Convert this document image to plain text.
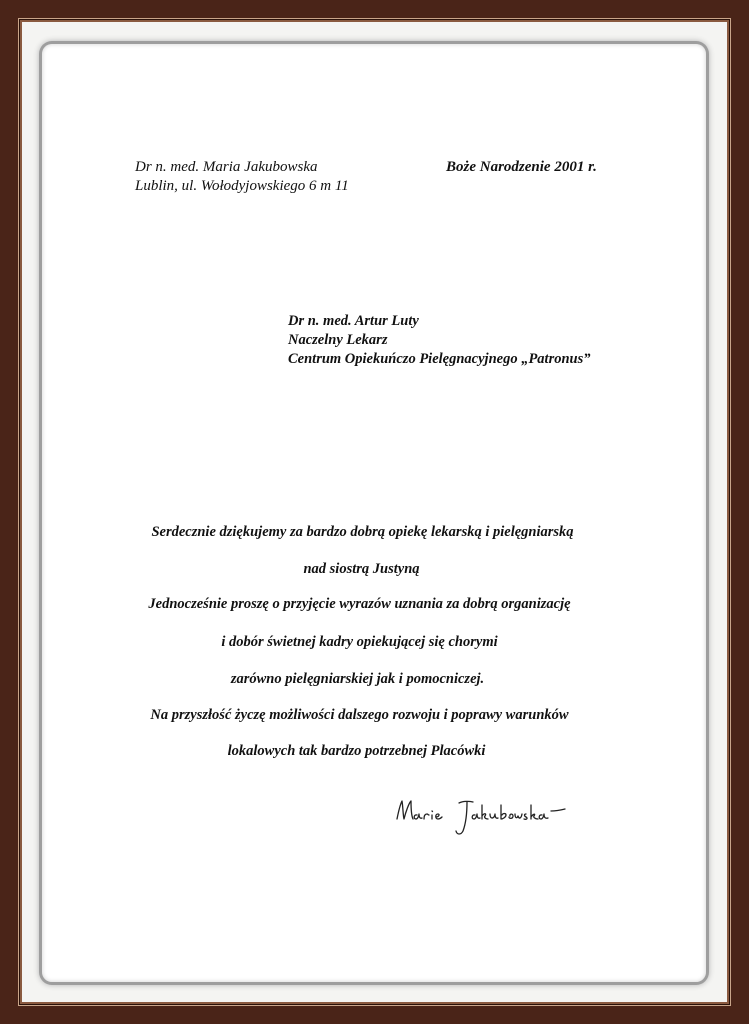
Dr n. med. Maria Jakubowska
Lublin, ul. Wołodyjowskiego 6 m 11
Boże Narodzenie 2001 r.
Dr n. med. Artur Luty
Naczelny Lekarz
Centrum Opiekuńczo Pielęgnacyjnego „Patronus”
Serdecznie dziękujemy za bardzo dobrą opiekę lekarską i pielęgniarską
nad siostrą Justyną
Jednocześnie proszę o przyjęcie wyrazów uznania za dobrą organizację
i dobór świetnej kadry opiekującej się chorymi
zarówno pielęgniarskiej jak i pomocniczej.
Na przyszłość życzę możliwości dalszego rozwoju i poprawy warunków
lokalowych tak bardzo potrzebnej Placówki
